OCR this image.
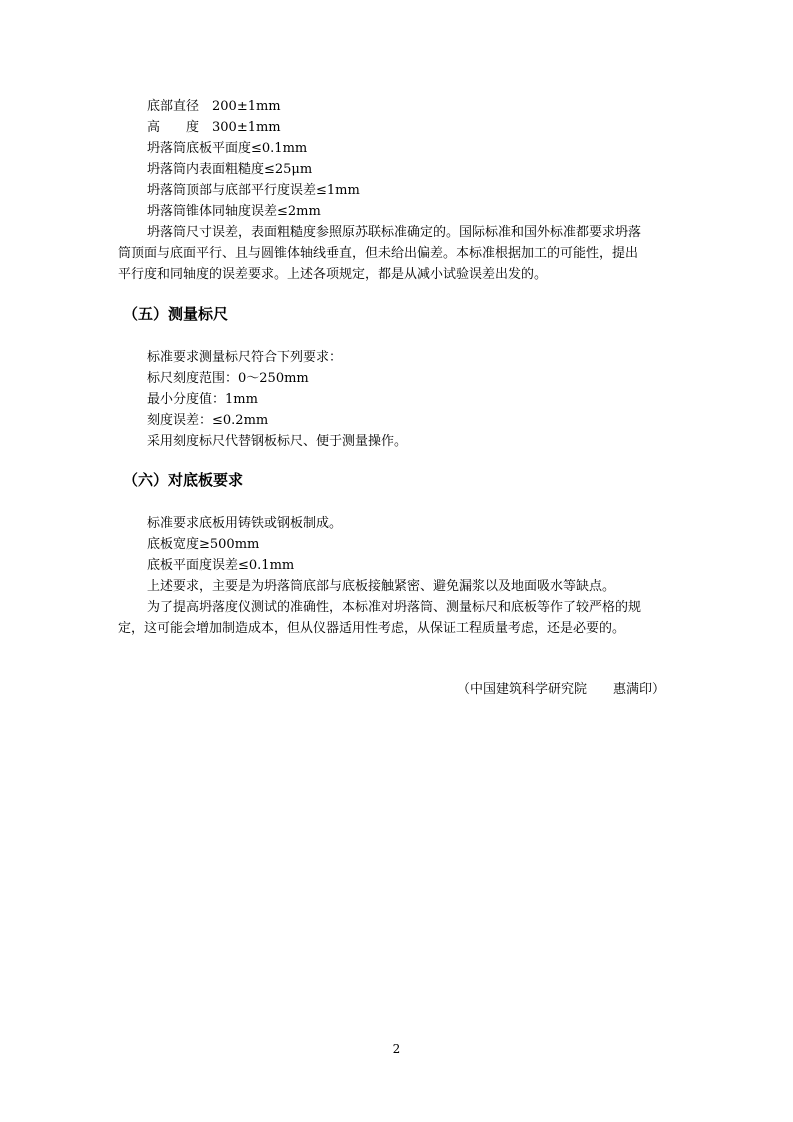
底部直径　200±1mm
高　　度　300±1mm
坍落筒底板平面度≤0.1mm
坍落筒内表面粗糙度≤25μm
坍落筒顶部与底部平行度误差≤1mm
坍落筒锥体同轴度误差≤2mm
坍落筒尺寸误差，表面粗糙度参照原苏联标准确定的。国际标准和国外标准都要求坍落
筒顶面与底面平行、且与圆锥体轴线垂直，但未给出偏差。本标准根据加工的可能性，提出
平行度和同轴度的误差要求。上述各项规定，都是从减小试验误差出发的。
（五）测量标尺
标准要求测量标尺符合下列要求：
标尺刻度范围：0～250mm
最小分度值：1mm
刻度误差：≤0.2mm
采用刻度标尺代替钢板标尺、便于测量操作。
（六）对底板要求
标准要求底板用铸铁或钢板制成。
底板宽度≥500mm
底板平面度误差≤0.1mm
上述要求，主要是为坍落筒底部与底板接触紧密、避免漏浆以及地面吸水等缺点。
为了提高坍落度仪测试的准确性，本标准对坍落筒、测量标尺和底板等作了较严格的规
定，这可能会增加制造成本，但从仪器适用性考虑，从保证工程质量考虑，还是必要的。
（中国建筑科学研究院　　惠满印）
2
